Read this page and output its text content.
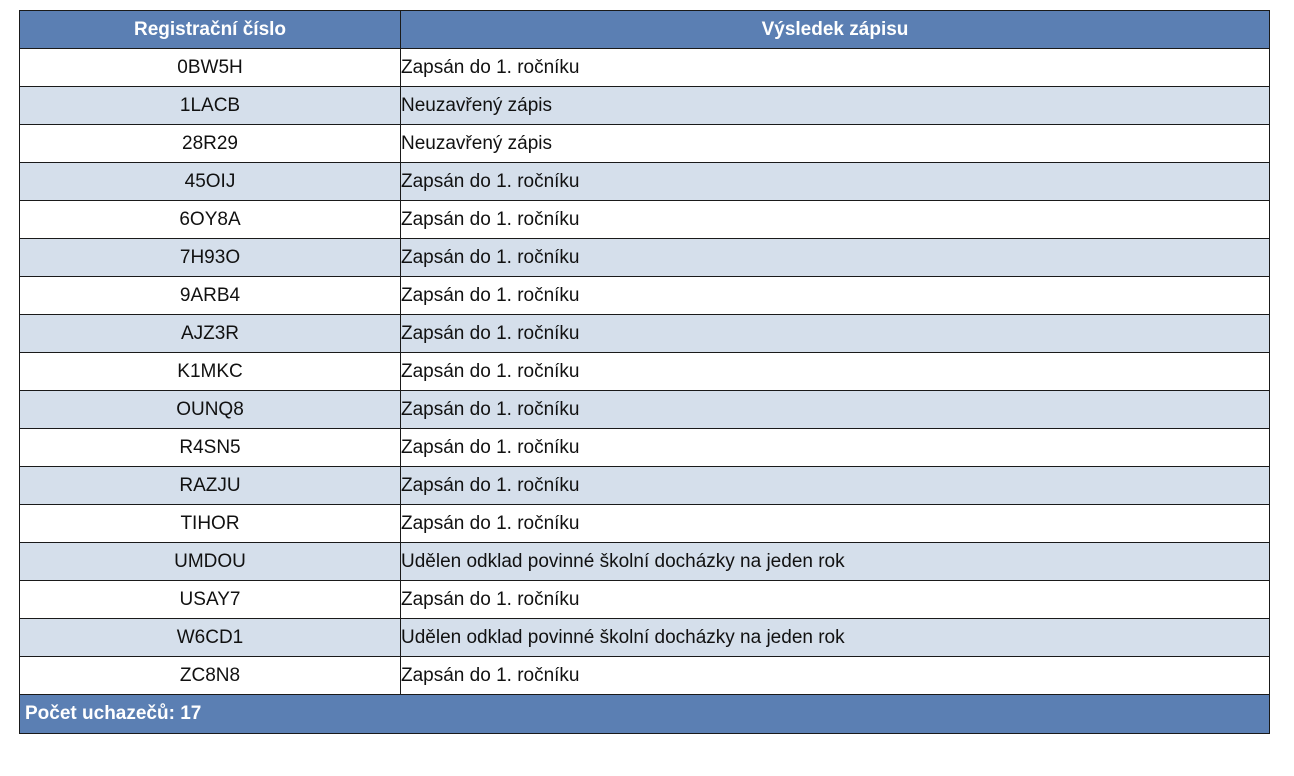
Registrační číslo	Výsledek zápisu
0BW5H	Zapsán do 1. ročníku
1LACB	Neuzavřený zápis
28R29	Neuzavřený zápis
45OIJ	Zapsán do 1. ročníku
6OY8A	Zapsán do 1. ročníku
7H93O	Zapsán do 1. ročníku
9ARB4	Zapsán do 1. ročníku
AJZ3R	Zapsán do 1. ročníku
K1MKC	Zapsán do 1. ročníku
OUNQ8	Zapsán do 1. ročníku
R4SN5	Zapsán do 1. ročníku
RAZJU	Zapsán do 1. ročníku
TIHOR	Zapsán do 1. ročníku
UMDOU	Udělen odklad povinné školní docházky na jeden rok
USAY7	Zapsán do 1. ročníku
W6CD1	Udělen odklad povinné školní docházky na jeden rok
ZC8N8	Zapsán do 1. ročníku
Počet uchazečů: 17	
